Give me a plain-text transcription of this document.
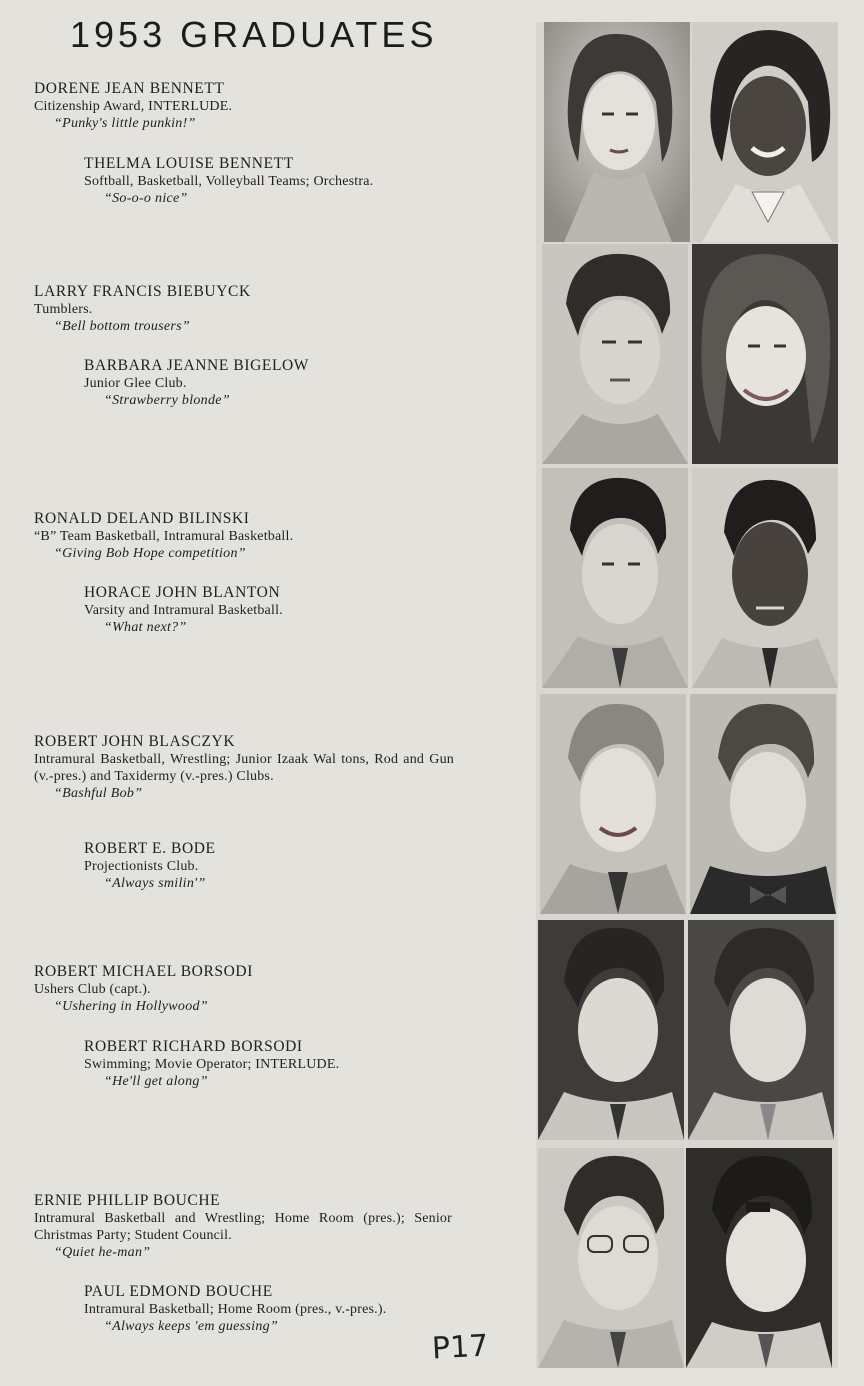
1953 GRADUATES
DORENE JEAN BENNETT
Citizenship Award, INTERLUDE.
“ Punky's little punkin! ”
THELMA LOUISE BENNETT
Softball, Basketball, Volleyball Teams; Orchestra.
“ So-o-o nice ”
LARRY FRANCIS BIEBUYCK
Tumblers.
“ Bell bottom trousers ”
BARBARA JEANNE BIGELOW
Junior Glee Club.
“ Strawberry blonde ”
RONALD DELAND BILINSKI
“B” Team Basketball, Intramural Basketball.
“ Giving Bob Hope competition ”
HORACE JOHN BLANTON
Varsity and Intramural Basketball.
“ What next? ”
ROBERT JOHN BLASCZYK
Intramural Basketball, Wrestling; Junior Izaak Wal tons, Rod and Gun (v.-pres.) and Taxidermy (v.-pres.) Clubs.
“ Bashful Bob ”
ROBERT E. BODE
Projectionists Club.
“ Always smilin' ”
ROBERT MICHAEL BORSODI
Ushers Club (capt.).
“ Ushering in Hollywood ”
ROBERT RICHARD BORSODI
Swimming; Movie Operator; INTERLUDE.
“ He'll get along ”
ERNIE PHILLIP BOUCHE
Intramural Basketball and Wrestling; Home Room (pres.); Senior Christmas Party; Student Council.
“ Quiet he-man ”
PAUL EDMOND BOUCHE
Intramural Basketball; Home Room (pres., v.-pres.).
“ Always keeps 'em guessing ”
P17
